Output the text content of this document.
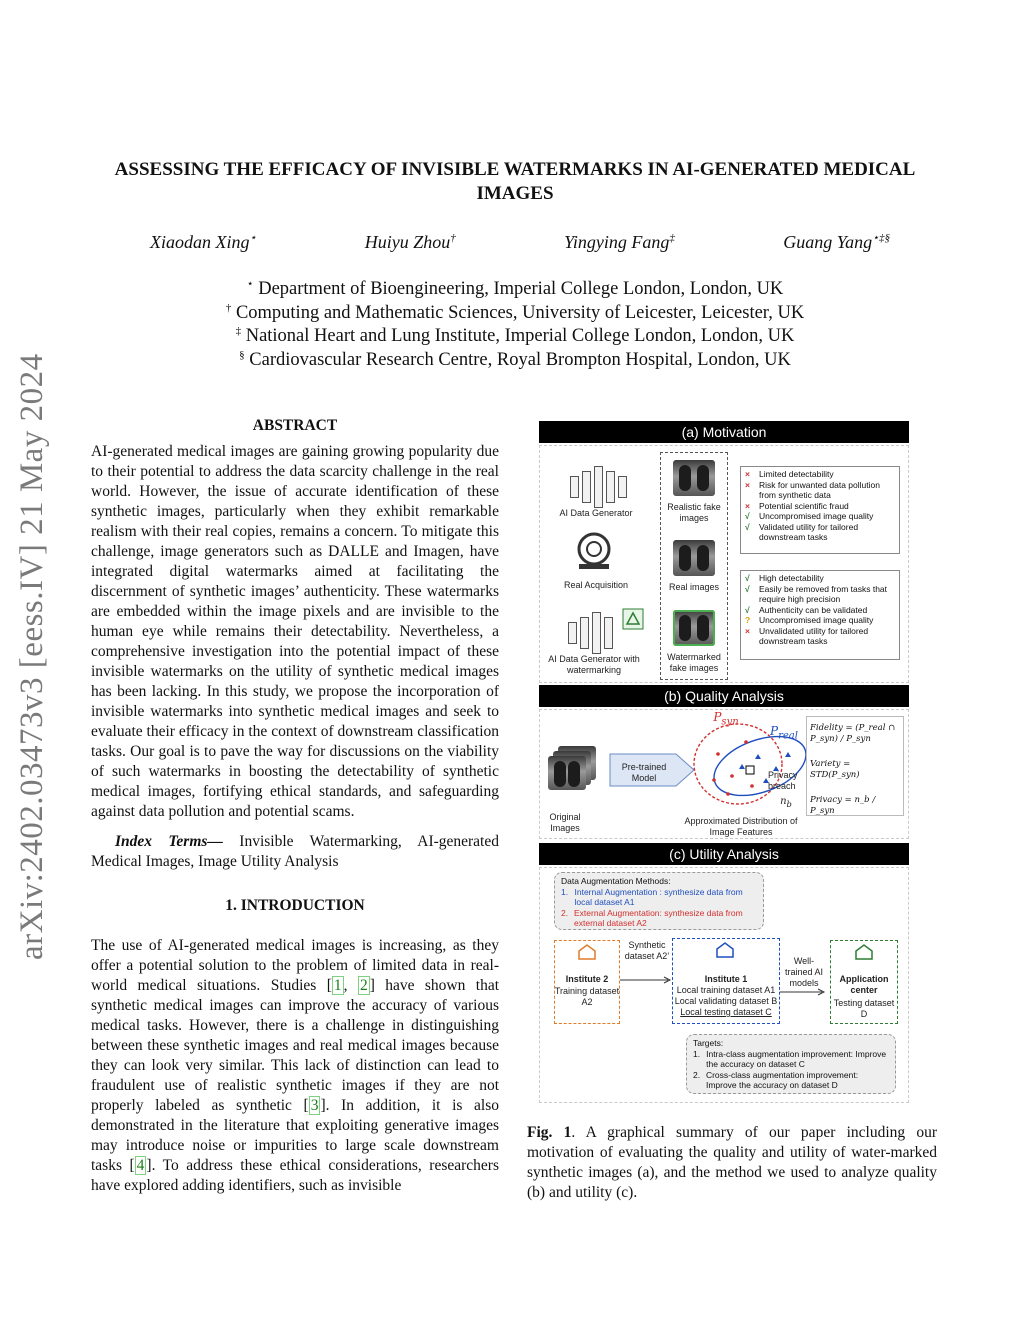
arXiv:2402.03473v3 [eess.IV] 21 May 2024
ASSESSING THE EFFICACY OF INVISIBLE WATERMARKS IN AI-GENERATED MEDICAL IMAGES
Xiaodan Xing⋆	Huiyu Zhou†	Yingying Fang‡	Guang Yang⋆‡§
⋆ Department of Bioengineering, Imperial College London, London, UK
† Computing and Mathematic Sciences, University of Leicester, Leicester, UK
‡ National Heart and Lung Institute, Imperial College London, London, UK
§ Cardiovascular Research Centre, Royal Brompton Hospital, London, UK
ABSTRACT

AI-generated medical images are gaining growing popularity due to their potential to address the data scarcity challenge in the real world. However, the issue of accurate identification of these synthetic images, particularly when they exhibit remarkable realism with their real copies, remains a concern. To mitigate this challenge, image generators such as DALLE and Imagen, have integrated digital watermarks aimed at facilitating the discernment of synthetic images’ authenticity. These watermarks are embedded within the image pixels and are invisible to the human eye while remains their detectability. Nevertheless, a comprehensive investigation into the potential impact of these invisible watermarks on the utility of synthetic medical images has been lacking. In this study, we propose the incorporation of invisible watermarks into synthetic medical images and seek to evaluate their efficacy in the context of downstream classification tasks. Our goal is to pave the way for discussions on the viability of such watermarks in boosting the detectability of synthetic medical images, fortifying ethical standards, and safeguarding against data pollution and potential scams.

Index Terms— Invisible Watermarking, AI-generated Medical Images, Image Utility Analysis

1. INTRODUCTION

The use of AI-generated medical images is increasing, as they offer a potential solution to the problem of limited data in real-world medical situations. Studies [ 1 , 2 ] have shown that synthetic medical images can improve the accuracy of various medical tasks. However, there is a challenge in distinguishing between these synthetic images and real medical images because they can look very similar. This lack of distinction can lead to fraudulent use of realistic synthetic images if they are not properly labeled as synthetic [ 3 ]. In addition, it is also demonstrated in the literature that exploiting generative images may introduce noise or impurities to large scale downstream tasks [ 4 ]. To address these ethical considerations, researchers have explored adding identifiers, such as invisible

(a) Motivation
AI Data Generator
Real Acquisition
AI Data Generator with watermarking
Realistic fake images
Real images
Watermarked fake images
×	Limited detectability
×	Risk for unwanted data pollution from synthetic data
×	Potential scientific fraud
√	Uncompromised image quality
√	Validated utility for tailored downstream tasks
√	High detectability
√	Easily be removed from tasks that require high precision
√	Authenticity can be validated
?	Uncompromised image quality
×	Unvalidated utility for tailored downstream tasks
(b) Quality Analysis
Original Images
Pre-trained Model
$P_{syn}$
$P_{real}$
Privacy breach
$n_b$
Approximated Distribution of Image Features
Fidelity = (P_real ∩ P_syn) / P_syn
Variety = STD(P_syn)
Privacy = n_b / P_syn
(c) Utility Analysis
Data Augmentation Methods:
1. Internal Augmentation : synthesize data from local dataset A1
2. External Augmentation: synthesize data from external dataset A2
Institute 2
Training dataset A2
Synthetic dataset A2’
Institute 1
Local training dataset A1
Local validating dataset B
Local testing dataset C
Well-trained AI models	Application center
Testing dataset D
Targets:
1. Intra-class augmentation improvement: Improve the accuracy on dataset C
2. Cross-class augmentation improvement: Improve the accuracy on dataset D
Fig. 1. A graphical summary of our paper including our motivation of evaluating the quality and utility of water-marked synthetic images (a), and the method we used to analyze quality (b) and utility (c).
